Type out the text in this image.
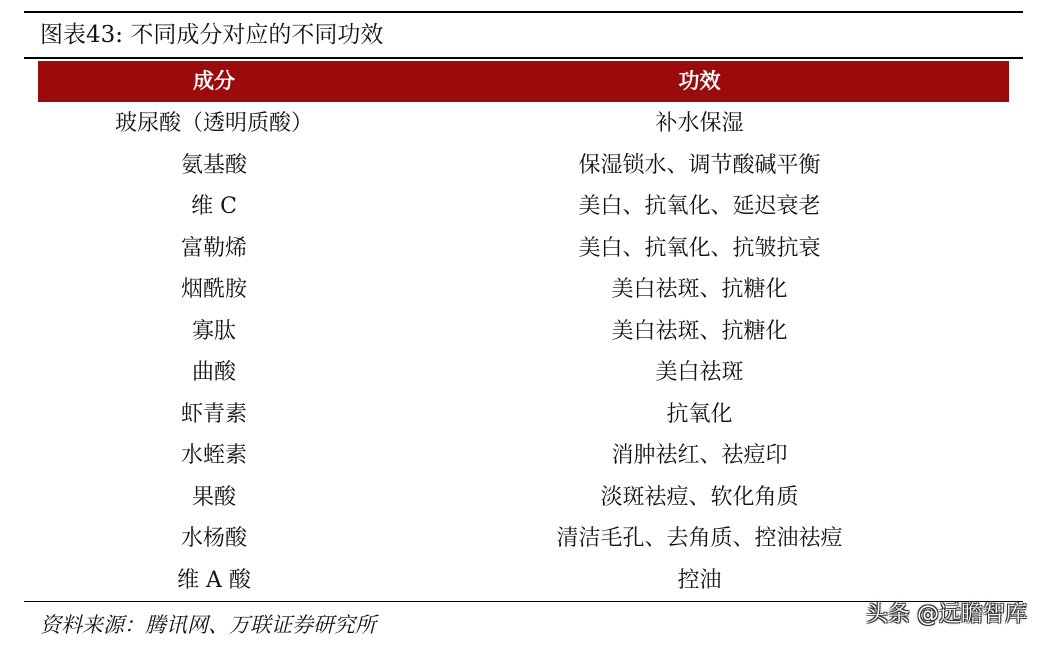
图表43: 不同成分对应的不同功效
成分	功效
玻尿酸（透明质酸）	补水保湿
氨基酸	保湿锁水、调节酸碱平衡
维 C	美白、抗氧化、延迟衰老
富勒烯	美白、抗氧化、抗皱抗衰
烟酰胺	美白祛斑、抗糖化
寡肽	美白祛斑、抗糖化
曲酸	美白祛斑
虾青素	抗氧化
水蛭素	消肿祛红、祛痘印
果酸	淡斑祛痘、软化角质
水杨酸	清洁毛孔、去角质、控油祛痘
维 A 酸	控油
资料来源：腾讯网、万联证券研究所	头条 @远瞻智库
